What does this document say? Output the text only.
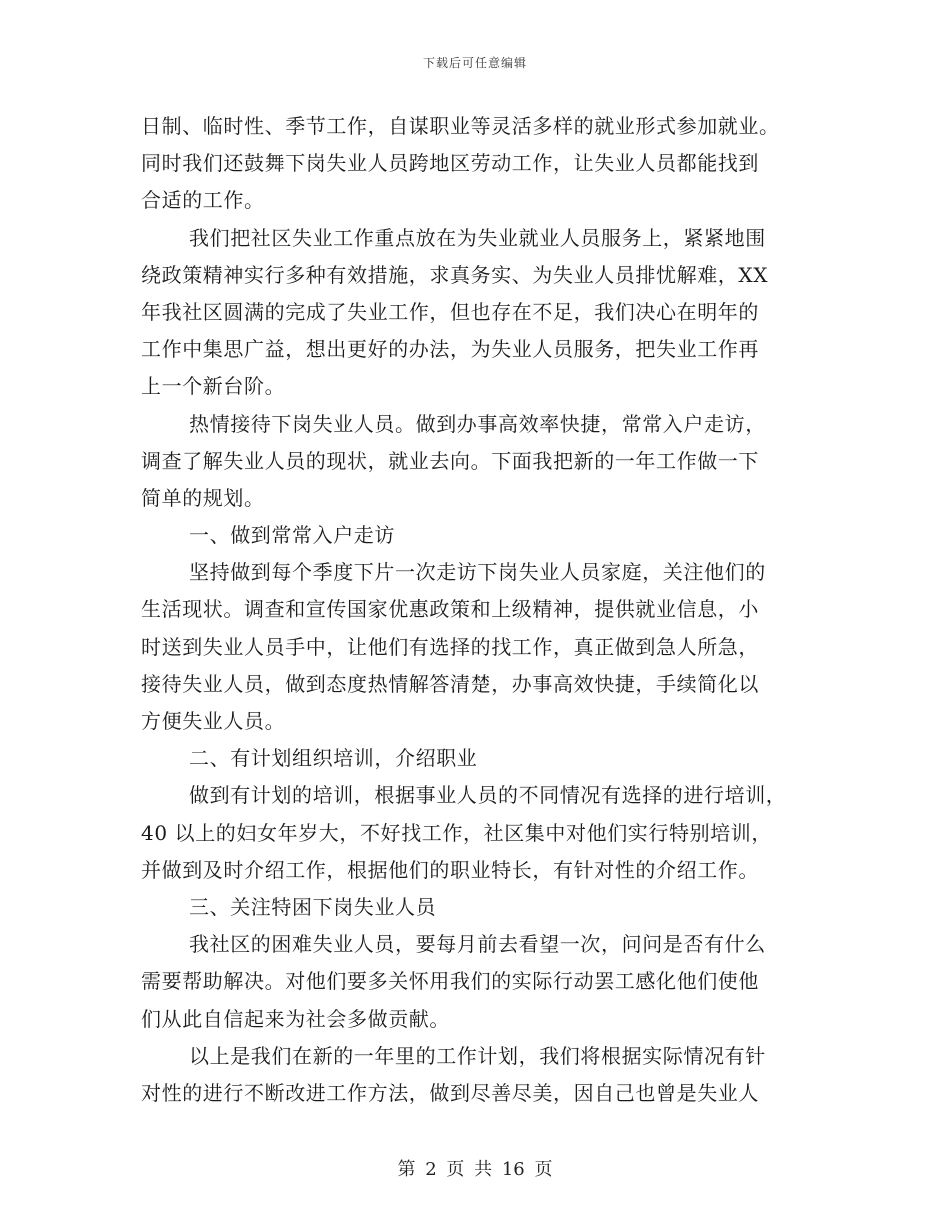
下载后可任意编辑
日制、临时性、季节工作，自谋职业等灵活多样的就业形式参加就业。
同时我们还鼓舞下岗失业人员跨地区劳动工作，让失业人员都能找到
合适的工作。
我们把社区失业工作重点放在为失业就业人员服务上，紧紧地围
绕政策精神实行多种有效措施，求真务实、为失业人员排忧解难，XX
年我社区圆满的完成了失业工作，但也存在不足，我们决心在明年的
工作中集思广益，想出更好的办法，为失业人员服务，把失业工作再
上一个新台阶。
热情接待下岗失业人员。做到办事高效率快捷，常常入户走访，
调查了解失业人员的现状，就业去向。下面我把新的一年工作做一下
简单的规划。
一、做到常常入户走访
坚持做到每个季度下片一次走访下岗失业人员家庭，关注他们的
生活现状。调查和宣传国家优惠政策和上级精神，提供就业信息，小
时送到失业人员手中，让他们有选择的找工作，真正做到急人所急，
接待失业人员，做到态度热情解答清楚，办事高效快捷，手续简化以
方便失业人员。
二、有计划组织培训，介绍职业
做到有计划的培训，根据事业人员的不同情况有选择的进行培训，
40 以上的妇女年岁大，不好找工作，社区集中对他们实行特别培训，
并做到及时介绍工作，根据他们的职业特长，有针对性的介绍工作。
三、关注特困下岗失业人员
我社区的困难失业人员，要每月前去看望一次，问问是否有什么
需要帮助解决。对他们要多关怀用我们的实际行动罢工感化他们使他
们从此自信起来为社会多做贡献。
以上是我们在新的一年里的工作计划，我们将根据实际情况有针
对性的进行不断改进工作方法，做到尽善尽美，因自己也曾是失业人
第 2 页 共 16 页
